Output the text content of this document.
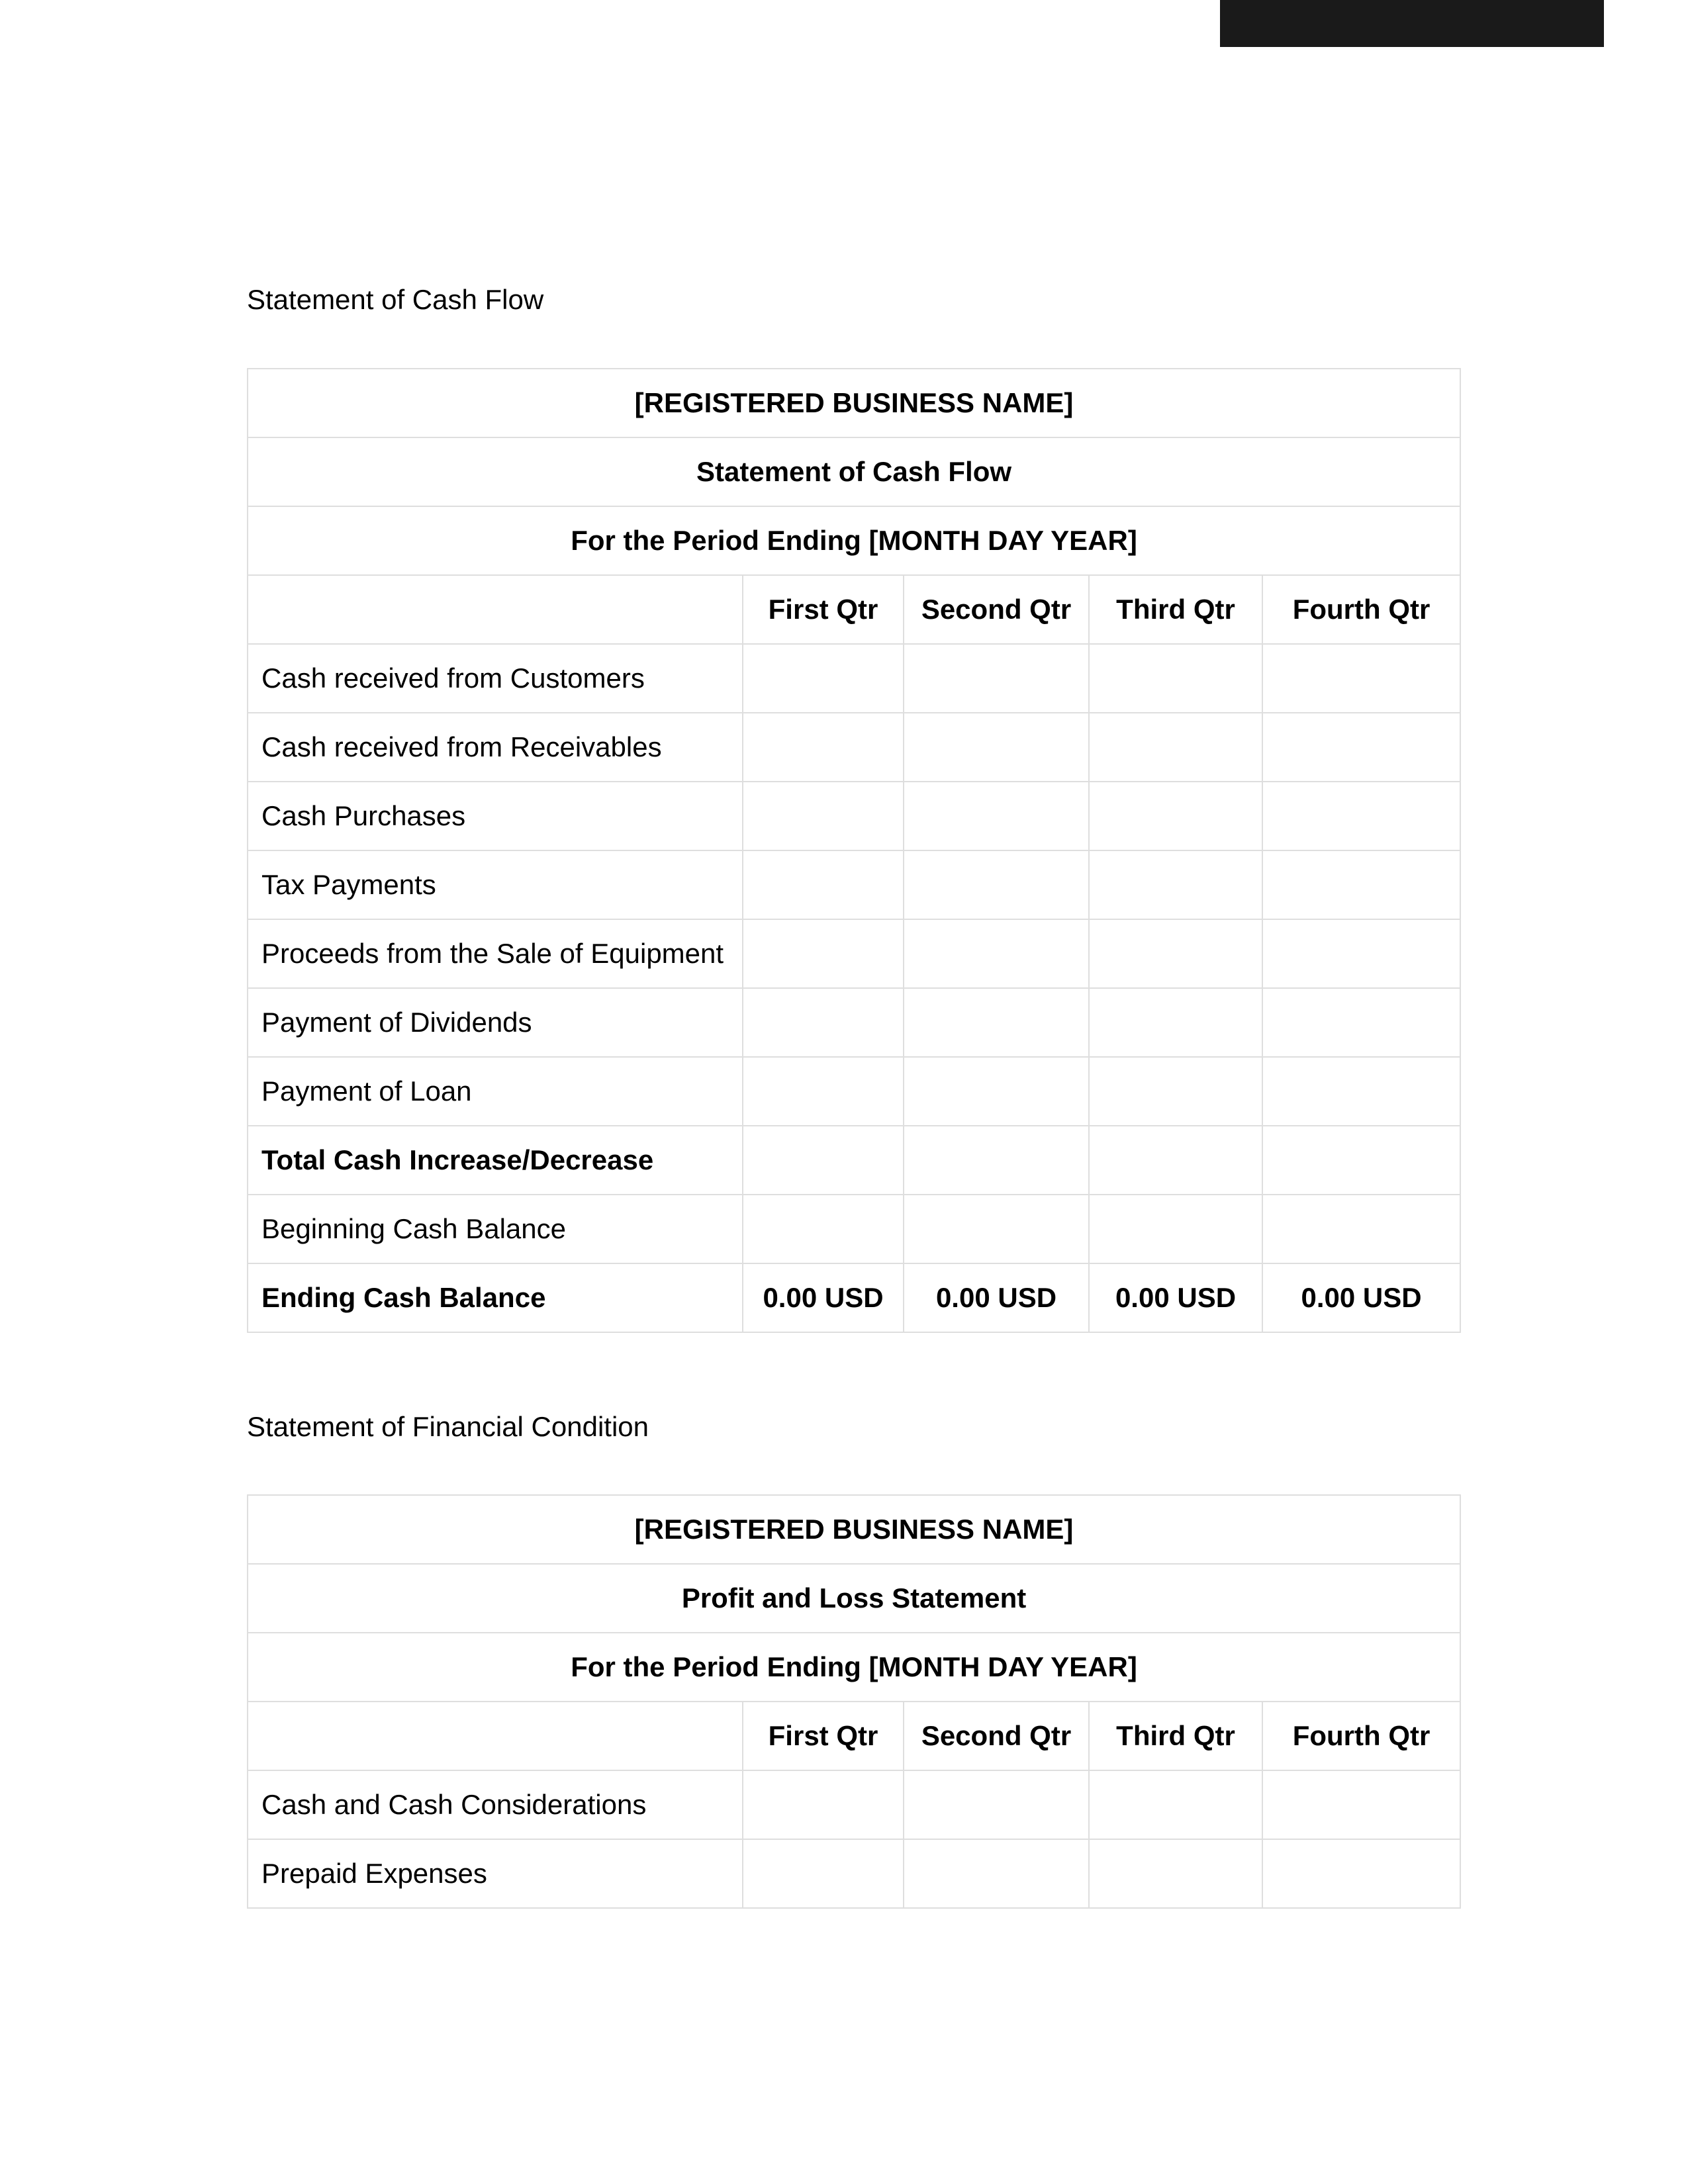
Statement of Cash Flow
[REGISTERED BUSINESS NAME]				
Statement of Cash Flow				
For the Period Ending [MONTH DAY YEAR]				
	First Qtr	Second Qtr	Third Qtr	Fourth Qtr
Cash received from Customers				
Cash received from Receivables				
Cash Purchases				
Tax Payments				
Proceeds from the Sale of Equipment				
Payment of Dividends				
Payment of Loan				
Total Cash Increase/Decrease				
Beginning Cash Balance				
Ending Cash Balance	0.00 USD	0.00 USD	0.00 USD	0.00 USD
Statement of Financial Condition
[REGISTERED BUSINESS NAME]				
Profit and Loss Statement				
For the Period Ending [MONTH DAY YEAR]				
	First Qtr	Second Qtr	Third Qtr	Fourth Qtr
Cash and Cash Considerations				
Prepaid Expenses				
